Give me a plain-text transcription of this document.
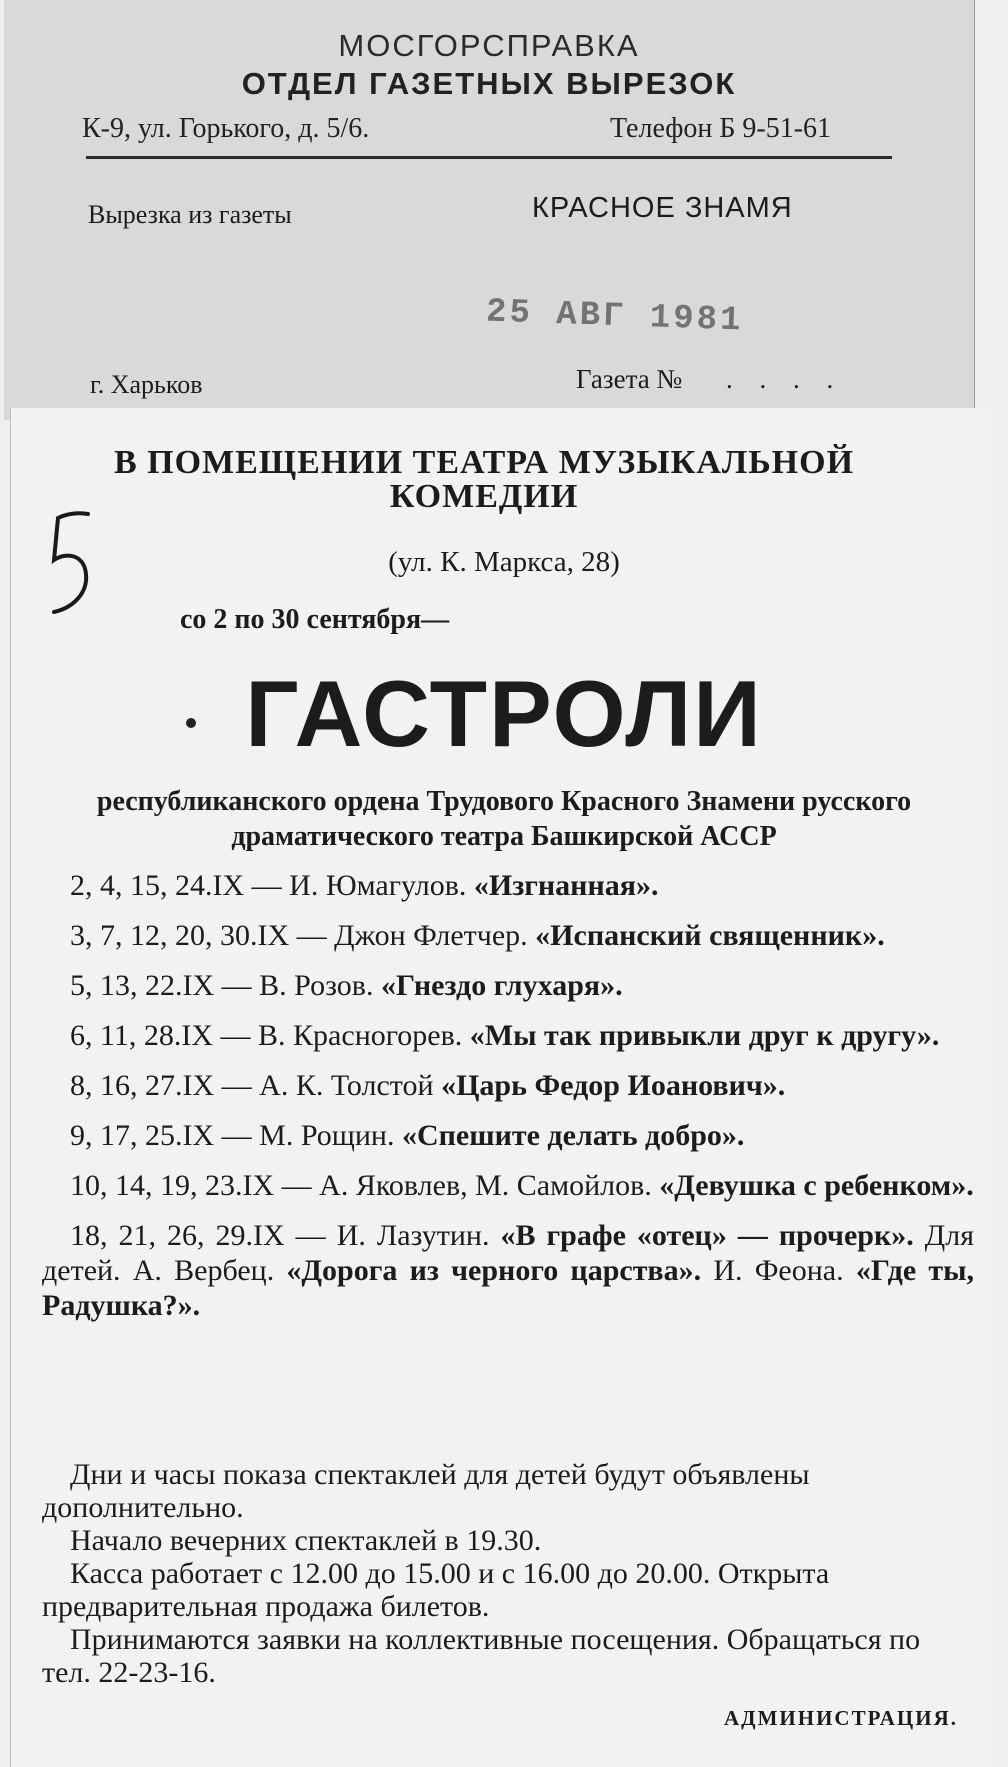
МОСГОРСПРАВКА
ОТДЕЛ ГАЗЕТНЫХ ВЫРЕЗОК
К-9, ул. Горького, д. 5/6.	Телефон Б 9-51-61
Вырезка из газеты	КРАСНОЕ ЗНАМЯ
25 АВГ 1981
г. Харьков	Газета № . . . .
В ПОМЕЩЕНИИ ТЕАТРА МУЗЫКАЛЬНОЙ КОМЕДИИ
(ул. К. Маркса, 28)
со 2 по 30 сентября—
ГАСТРОЛИ
республиканского ордена Трудового Красного Знамени русского драматического театра Башкирской АССР

2, 4, 15, 24.IX — И. Юмагулов. «Изгнанная».

3, 7, 12, 20, 30.IX — Джон Флетчер. «Испанский священник».

5, 13, 22.IX — В. Розов. «Гнездо глухаря».

6, 11, 28.IX — В. Красногорев. «Мы так привыкли друг к другу».

8, 16, 27.IX — А. К. Толстой «Царь Федор Иоанович».

9, 17, 25.IX — М. Рощин. «Спешите делать добро».

10, 14, 19, 23.IX — А. Яковлев, М. Самойлов. «Девушка с ребенком».

18, 21, 26, 29.IX — И. Лазутин. «В графе «отец» — прочерк». Для детей. А. Вербец. «Дорога из черного царства». И. Феона. «Где ты, Радушка?».

Дни и часы показа спектаклей для детей будут объявлены дополнительно.

Начало вечерних спектаклей в 19.30.

Касса работает с 12.00 до 15.00 и с 16.00 до 20.00. Открыта предварительная продажа билетов.

Принимаются заявки на коллективные посещения. Обращаться по тел. 22-23-16.

АДМИНИСТРАЦИЯ.
